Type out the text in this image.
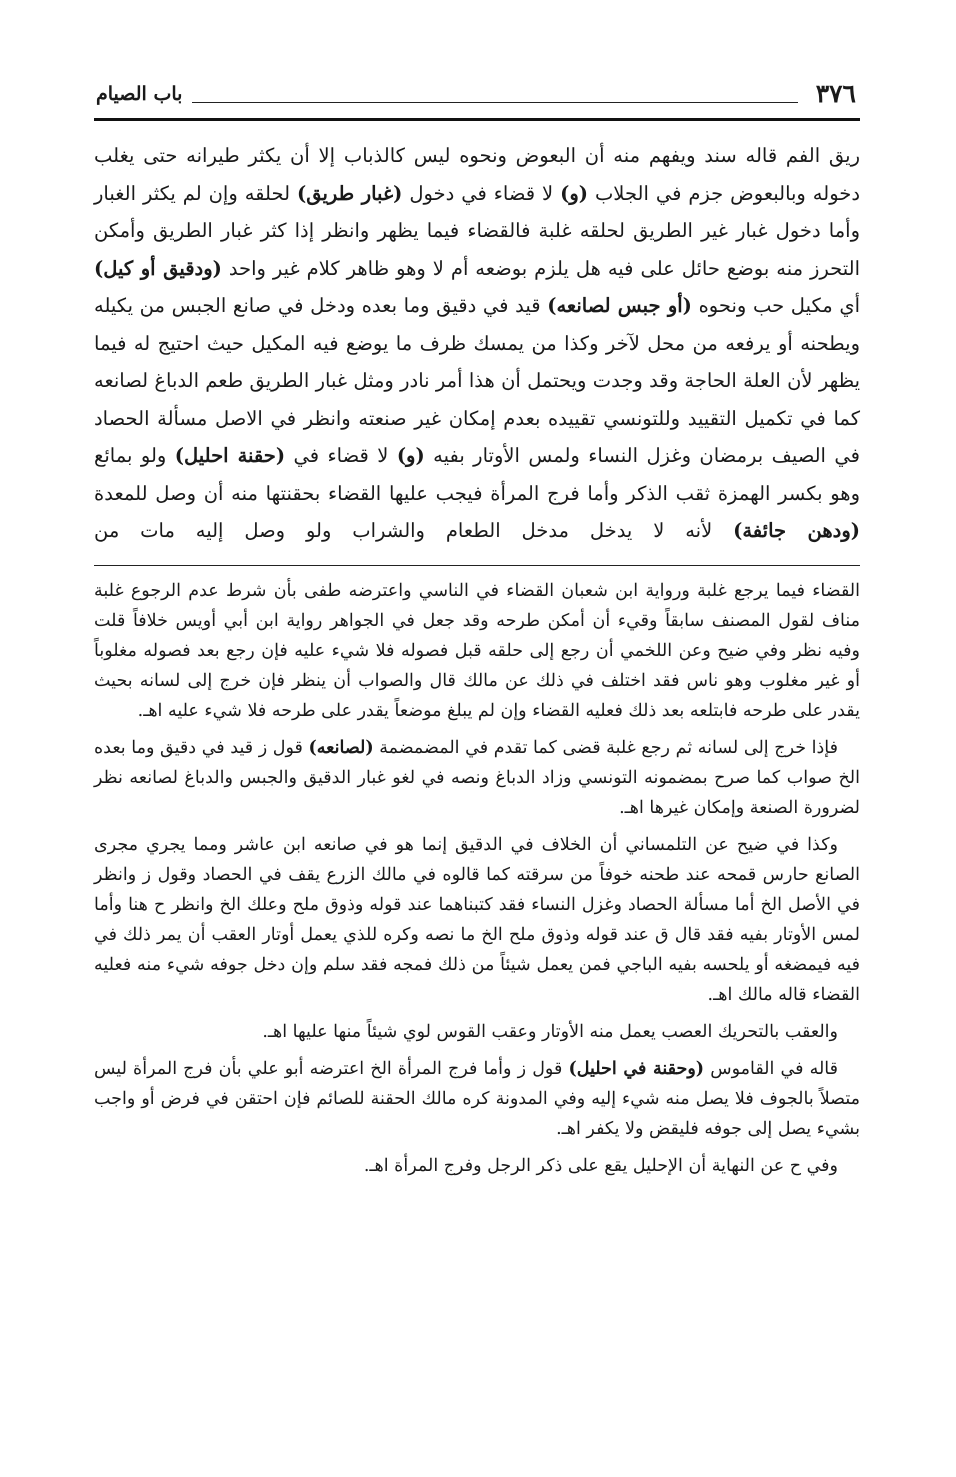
٣٧٦
باب الصيام

ريق الفم قاله سند ويفهم منه أن البعوض ونحوه ليس كالذباب إلا أن يكثر طيرانه حتى يغلب دخوله وبالبعوض جزم في الجلاب (و) لا قضاء في دخول (غبار طريق) لحلقه وإن لم يكثر الغبار وأما دخول غبار غير الطريق لحلقه غلبة فالقضاء فيما يظهر وانظر إذا كثر غبار الطريق وأمكن التحرز منه بوضع حائل على فيه هل يلزم بوضعه أم لا وهو ظاهر كلام غير واحد (ودقيق أو كيل) أي مكيل حب ونحوه (أو جبس لصانعه) قيد في دقيق وما بعده ودخل في صانع الجبس من يكيله ويطحنه أو يرفعه من محل لآخر وكذا من يمسك ظرف ما يوضع فيه المكيل حيث احتيج له فيما يظهر لأن العلة الحاجة وقد وجدت ويحتمل أن هذا أمر نادر ومثل غبار الطريق طعم الدباغ لصانعه كما في تكميل التقييد وللتونسي تقييده بعدم إمكان غير صنعته وانظر في الاصل مسألة الحصاد في الصيف برمضان وغزل النساء ولمس الأوتار بفيه (و) لا قضاء في (حقنة احليل) ولو بمائع وهو بكسر الهمزة ثقب الذكر وأما فرج المرأة فيجب عليها القضاء بحقنتها منه أن وصل للمعدة (ودهن جائفة) لأنه لا يدخل مدخل الطعام والشراب ولو وصل إليه مات من

القضاء فيما يرجع غلبة ورواية ابن شعبان القضاء في الناسي واعترضه طفى بأن شرط عدم الرجوع غلبة مناف لقول المصنف سابقاً وقيء أن أمكن طرحه وقد جعل في الجواهر رواية ابن أبي أويس خلافاً قلت وفيه نظر وفي ضيح وعن اللخمي أن رجع إلى حلقه قبل فصوله فلا شيء عليه فإن رجع بعد فصوله مغلوباً أو غير مغلوب وهو ناس فقد اختلف في ذلك عن مالك قال والصواب أن ينظر فإن خرج إلى لسانه بحيث يقدر على طرحه فابتلعه بعد ذلك فعليه القضاء وإن لم يبلغ موضعاً يقدر على طرحه فلا شيء عليه اهـ.

فإذا خرج إلى لسانه ثم رجع غلبة قضى كما تقدم في المضمضمة (لصانعه) قول ز قيد في دقيق وما بعده الخ صواب كما صرح بمضمونه التونسي وزاد الدباغ ونصه في لغو غبار الدقيق والجبس والدباغ لصانعه نظر لضرورة الصنعة وإمكان غيرها اهـ.

وكذا في ضيح عن التلمساني أن الخلاف في الدقيق إنما هو في صانعه ابن عاشر ومما يجري مجرى الصانع حارس قمحه عند طحنه خوفاً من سرقته كما قالوه في مالك الزرع يقف في الحصاد وقول ز وانظر في الأصل الخ أما مسألة الحصاد وغزل النساء فقد كتبناهما عند قوله وذوق ملح وعلك الخ وانظر ح هنا وأما لمس الأوتار بفيه فقد قال ق عند قوله وذوق ملح الخ ما نصه وكره للذي يعمل أوتار العقب أن يمر ذلك في فيه فيمضغه أو يلحسه بفيه الباجي فمن يعمل شيئاً من ذلك فمجه فقد سلم وإن دخل جوفه شيء منه فعليه القضاء قاله مالك اهـ.

والعقب بالتحريك العصب يعمل منه الأوتار وعقب القوس لوي شيئاً منها عليها اهـ.

قاله في القاموس (وحقنة في احليل) قول ز وأما فرج المرأة الخ اعترضه أبو علي بأن فرج المرأة ليس متصلاً بالجوف فلا يصل منه شيء إليه وفي المدونة كره مالك الحقنة للصائم فإن احتقن في فرض أو واجب بشيء يصل إلى جوفه فليقض ولا يكفر اهـ.

وفي ح عن النهاية أن الإحليل يقع على ذكر الرجل وفرج المرأة اهـ.
